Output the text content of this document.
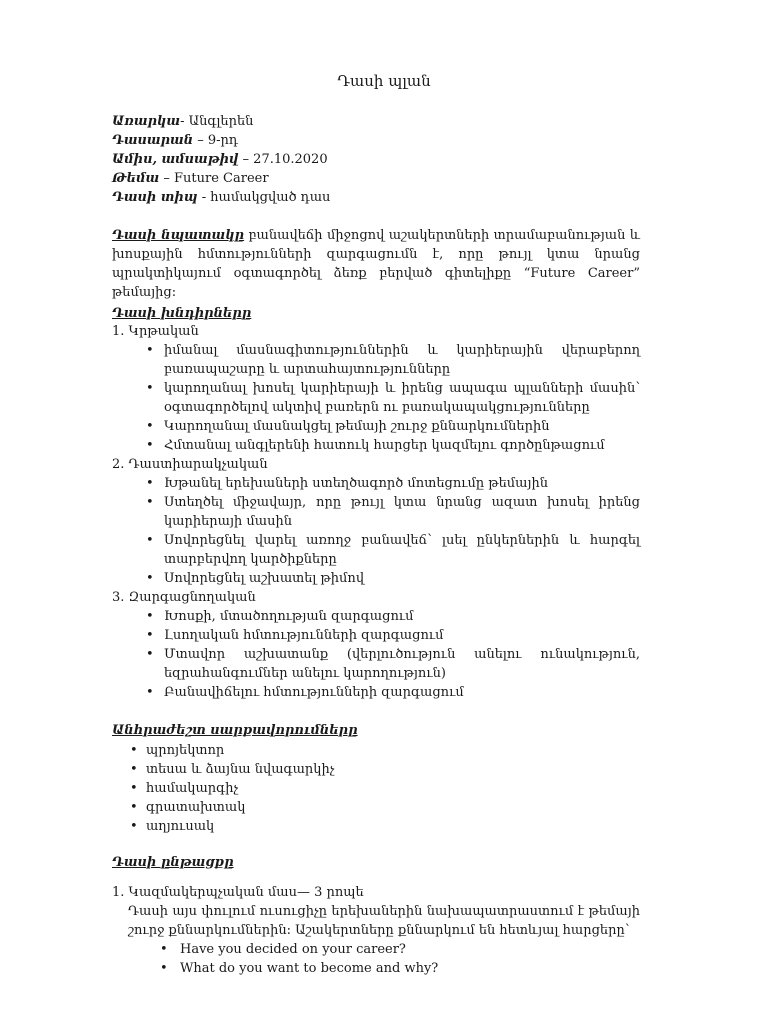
Դասի պլան
Առարկա- Անգլերեն
Դասարան – 9-րդ
Ամիս, ամսաթիվ – 27.10.2020
Թեմա – Future Career
Դասի տիպ - համակցված դաս
Դասի նպատակը բանավեճի միջոցով աշակերտների տրամաբանության և խոսքային հմտությունների զարգացումն է, որը թույլ կտա նրանց պրակտիկայում օգտագործել ձեռք բերված գիտելիքը “Future Career” թեմայից:
Դասի խնդիրները
1. Կրթական
• իմանալ մասնագիտություններին և կարիերային վերաբերող բառապաշարը և արտահայտությունները
• կարողանալ խոսել կարիերայի և իրենց ապագա պլանների մասին՝ օգտագործելով ակտիվ բառերն ու բառակապակցությունները
• Կարողանալ մասնակցել թեմայի շուրջ քննարկումներին
• Հմտանալ անգլերենի հատուկ հարցեր կազմելու գործընթացում
2. Դաստիարակչական
• Խթանել երեխաների ստեղծագործ մոտեցումը թեմային
• Ստեղծել միջավայր, որը թույլ կտա նրանց ազատ խոսել իրենց կարիերայի մասին
• Սովորեցնել վարել առողջ բանավեճ՝ լսել ընկերներին և հարգել տարբերվող կարծիքները
• Սովորեցնել աշխատել թիմով
3. Զարգացնողական
• Խոսքի, մտածողության զարգացում
• Լսողական հմտությունների զարգացում
• Մտավոր աշխատանք (վերլուծություն անելու ունակություն, եզրահանգումներ անելու կարողություն)
• Բանավիճելու հմտությունների զարգացում
Անհրաժեշտ սարքավորումները
• պրոյեկտոր
• տեսա և ձայնա նվագարկիչ
• համակարգիչ
• գրատախտակ
• աղյուսակ
Դասի ընթացքը
1. Կազմակերպչական մաս— 3 րոպե

Դասի այս փուլում ուսուցիչը երեխաներին նախապատրաստում է թեմայի շուրջ քննարկումներին: Աշակերտները քննարկում են հետևյալ հարցերը՝

• Have you decided on your career?
• What do you want to become and why?
